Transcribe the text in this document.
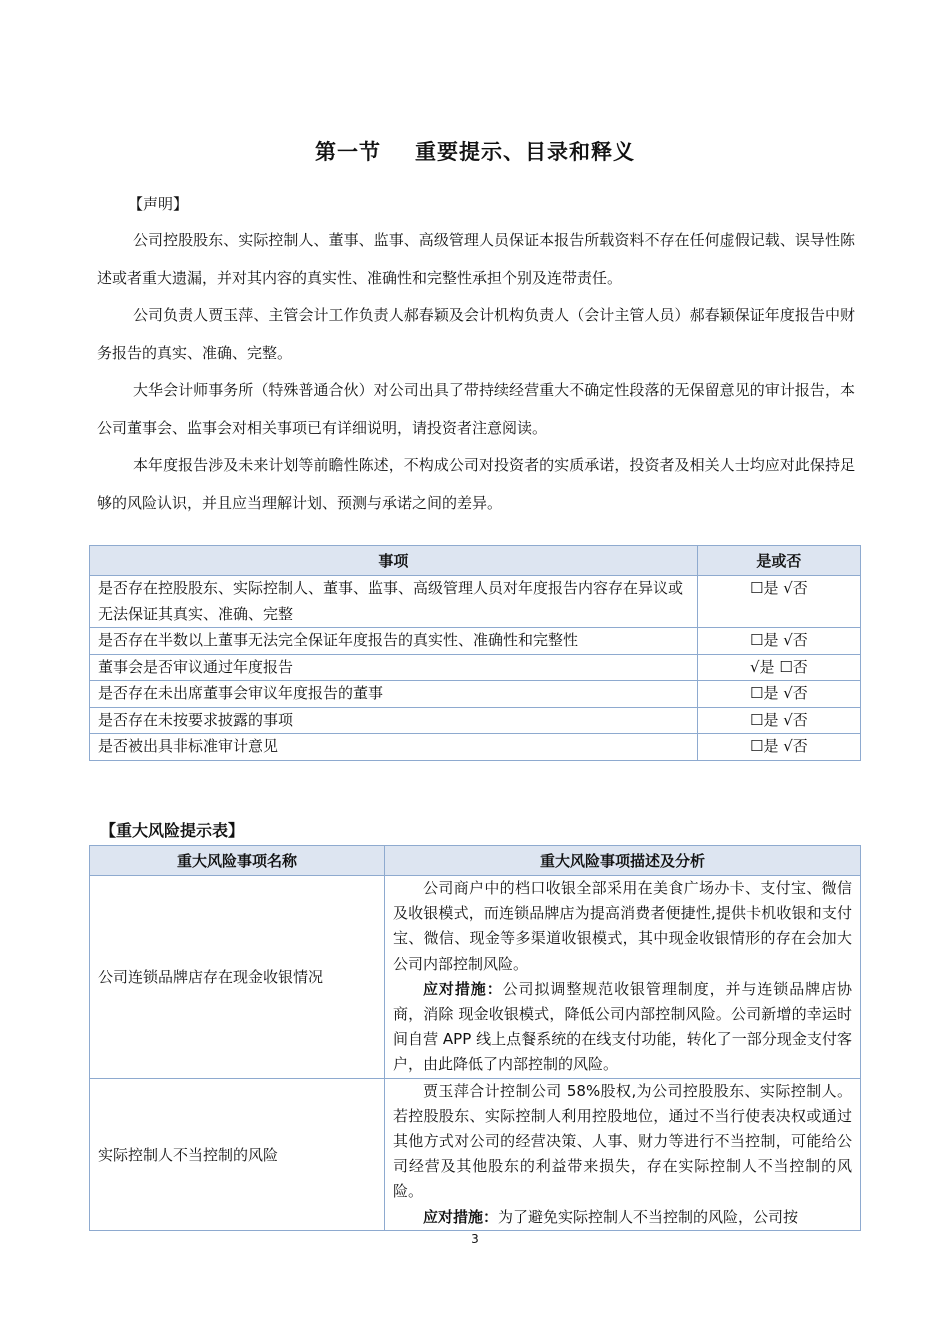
第一节 重要提示、目录和释义
【声明】

公司控股股东、实际控制人、董事、监事、高级管理人员保证本报告所载资料不存在任何虚假记载、误导性陈述或者重大遗漏，并对其内容的真实性、准确性和完整性承担个别及连带责任。

公司负责人贾玉萍、主管会计工作负责人郝春颖及会计机构负责人（会计主管人员）郝春颖保证年度报告中财务报告的真实、准确、完整。

大华会计师事务所（特殊普通合伙）对公司出具了带持续经营重大不确定性段落的无保留意见的审计报告，本公司董事会、监事会对相关事项已有详细说明，请投资者注意阅读。

本年度报告涉及未来计划等前瞻性陈述，不构成公司对投资者的实质承诺，投资者及相关人士均应对此保持足够的风险认识，并且应当理解计划、预测与承诺之间的差异。

事项	是或否
是否存在控股股东、实际控制人、董事、监事、高级管理人员对年度报告内容存在异议或无法保证其真实、准确、完整	☐是 √否
是否存在半数以上董事无法完全保证年度报告的真实性、准确性和完整性	☐是 √否
董事会是否审议通过年度报告	√是 ☐否
是否存在未出席董事会审议年度报告的董事	☐是 √否
是否存在未按要求披露的事项	☐是 √否
是否被出具非标准审计意见	☐是 √否
【重大风险提示表】
重大风险事项名称	重大风险事项描述及分析
公司连锁品牌店存在现金收银情况	公司商户中的档口收银全部采用在美食广场办卡、支付宝、微信及收银模式，而连锁品牌店为提高消费者便捷性,提供卡机收银和支付宝、微信、现金等多渠道收银模式，其中现金收银情形的存在会加大公司内部控制风险。

应对措施：公司拟调整规范收银管理制度，并与连锁品牌店协商，消除 现金收银模式，降低公司内部控制风险。公司新增的幸运时间自营 APP 线上点餐系统的在线支付功能，转化了一部分现金支付客户，由此降低了内部控制的风险。

实际控制人不当控制的风险	贾玉萍合计控制公司 58%股权,为公司控股股东、实际控制人。若控股股东、实际控制人利用控股地位，通过不当行使表决权或通过其他方式对公司的经营决策、人事、财力等进行不当控制，可能给公司经营及其他股东的利益带来损失，存在实际控制人不当控制的风险。

应对措施：为了避免实际控制人不当控制的风险，公司按

3
